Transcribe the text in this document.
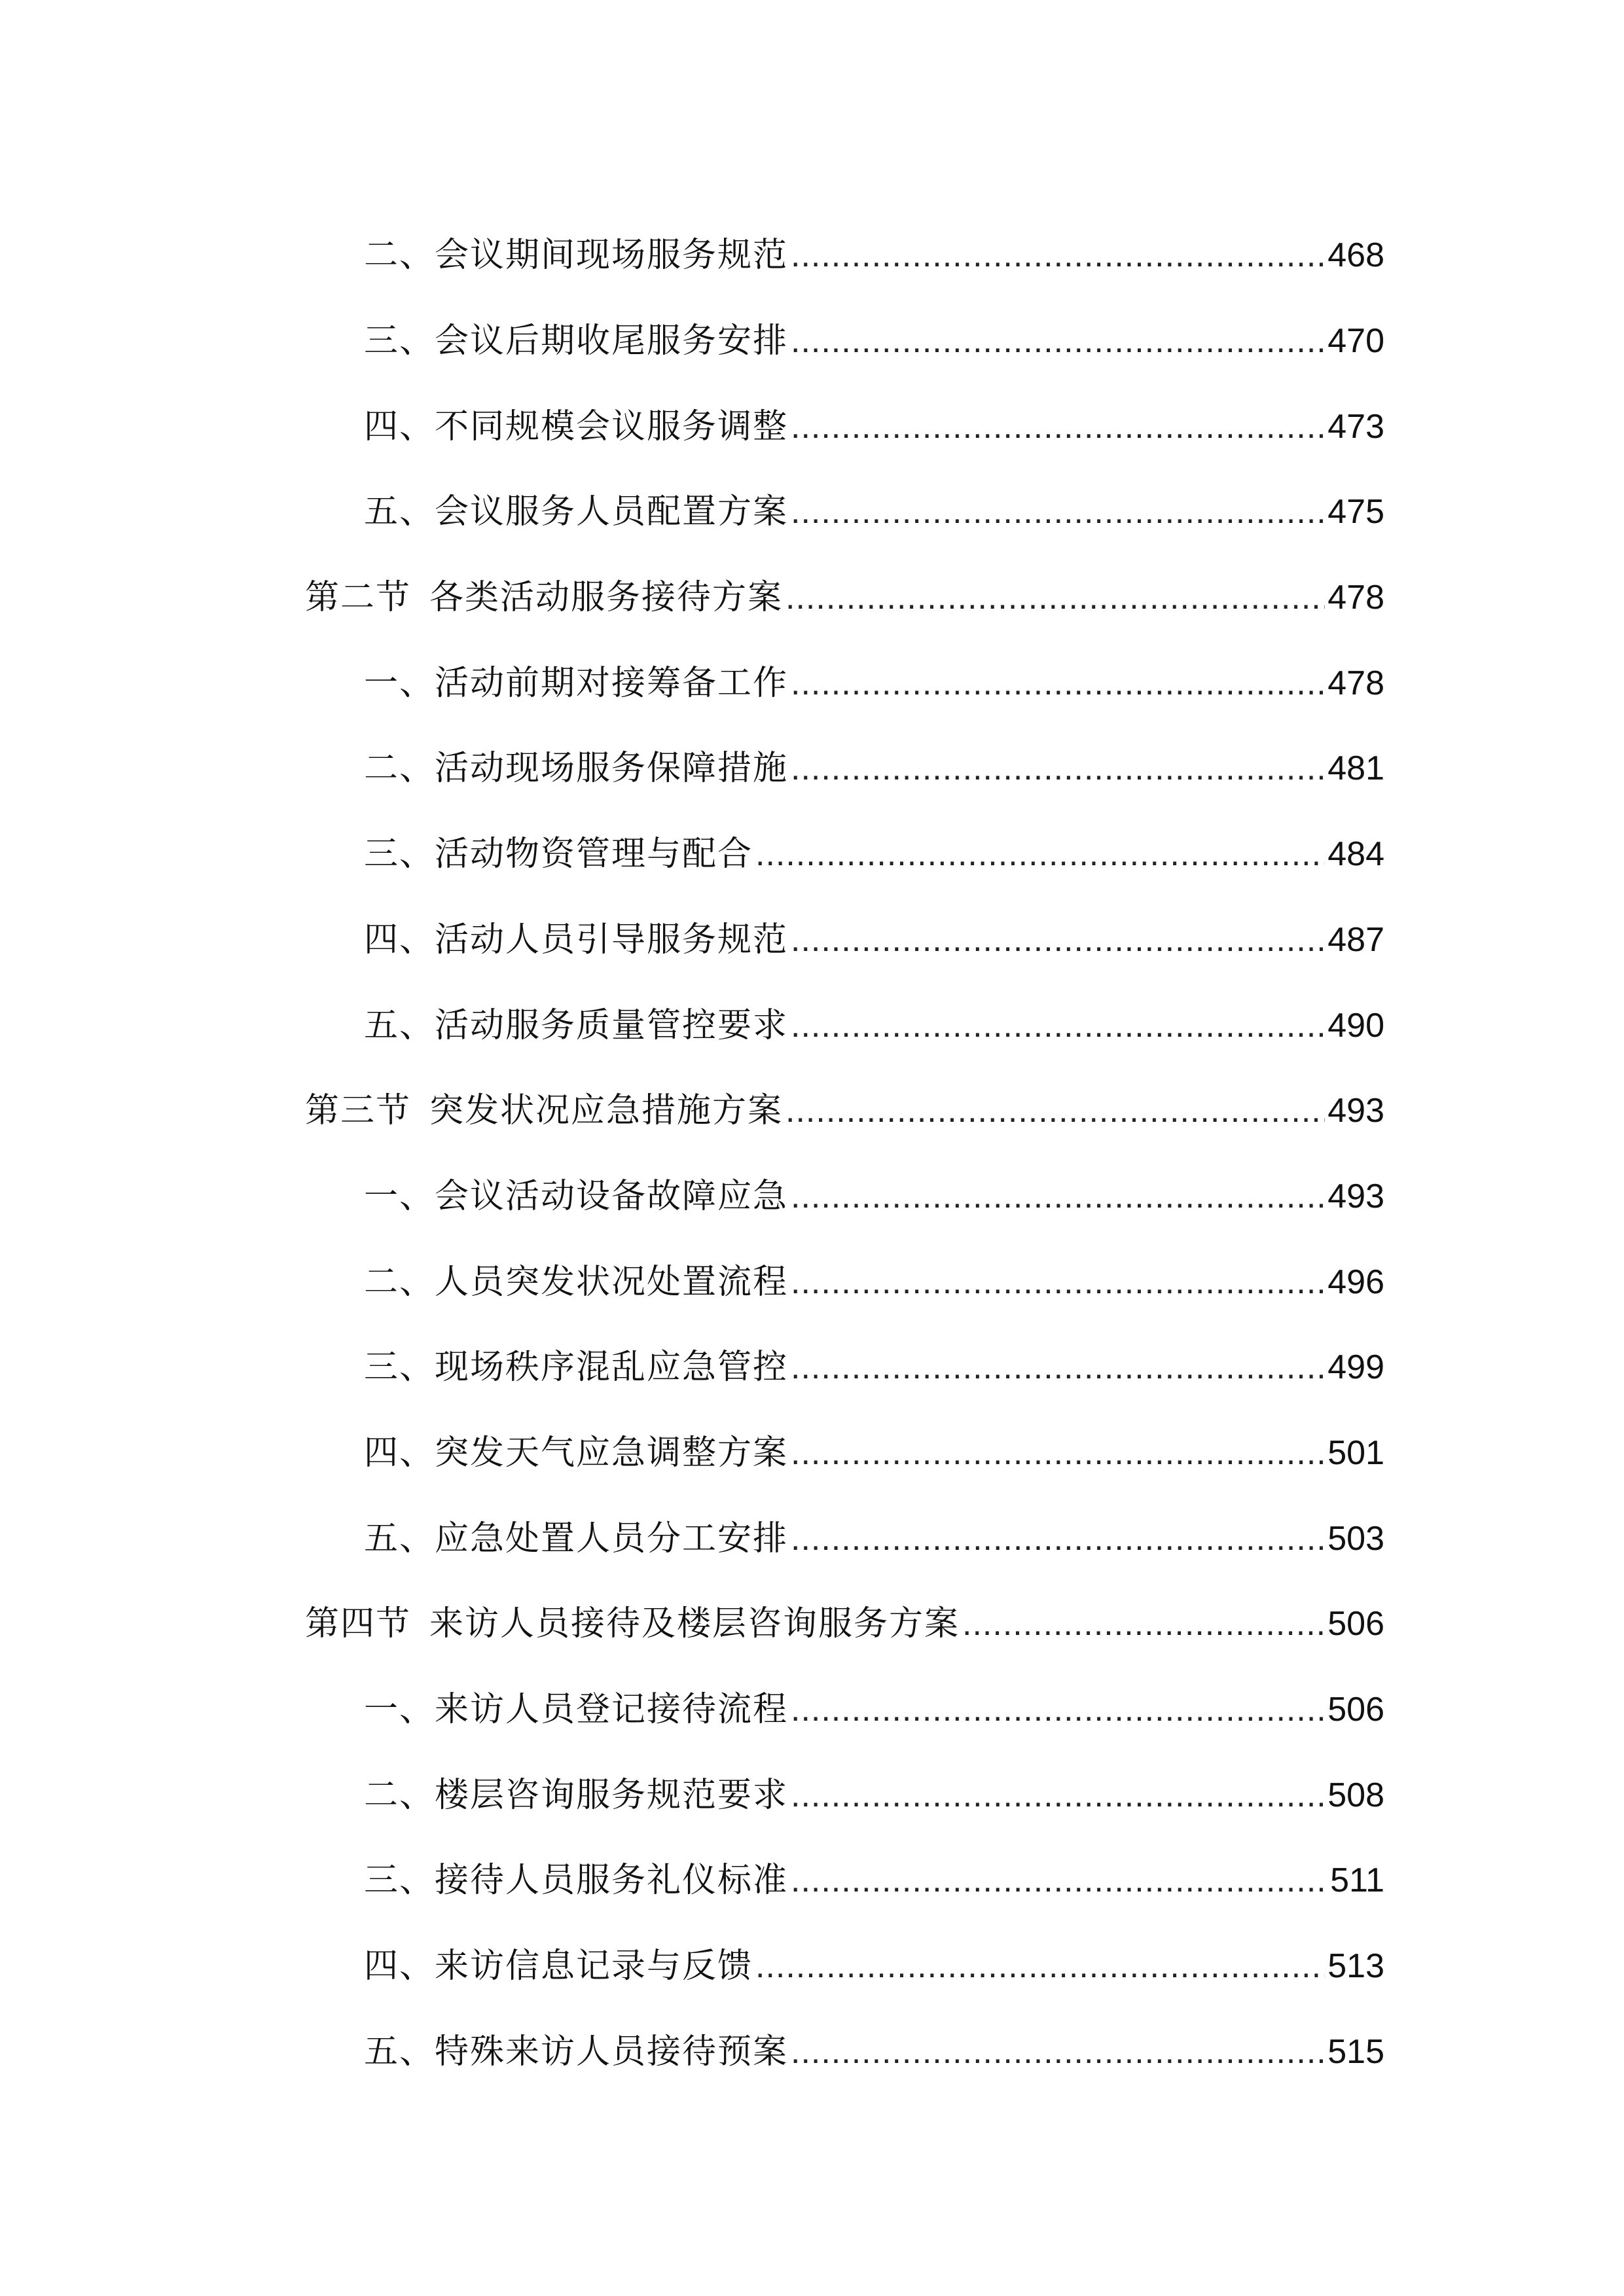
二、会议期间现场服务规范 .....	468
三、会议后期收尾服务安排 .....	470
四、不同规模会议服务调整 .....	473
五、会议服务人员配置方案 .....	475
第二节 各类活动服务接待方案 .....	478
一、活动前期对接筹备工作 .....	478
二、活动现场服务保障措施 .....	481
三、活动物资管理与配合 .....	484
四、活动人员引导服务规范 .....	487
五、活动服务质量管控要求 .....	490
第三节 突发状况应急措施方案 .....	493
一、会议活动设备故障应急 .....	493
二、人员突发状况处置流程 .....	496
三、现场秩序混乱应急管控 .....	499
四、突发天气应急调整方案 .....	501
五、应急处置人员分工安排 .....	503
第四节 来访人员接待及楼层咨询服务方案 .....	506
一、来访人员登记接待流程 .....	506
二、楼层咨询服务规范要求 .....	508
三、接待人员服务礼仪标准 .....	511
四、来访信息记录与反馈 .....	513
五、特殊来访人员接待预案 .....	515
